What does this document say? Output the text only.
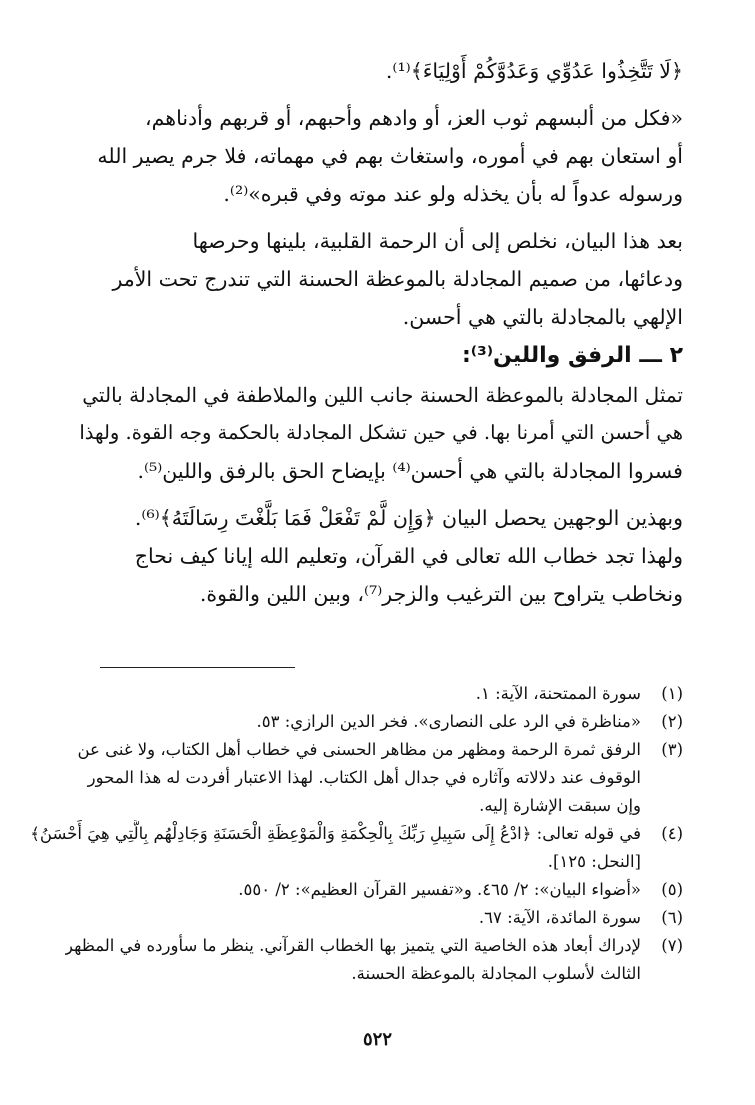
﴿لَا تَتَّخِذُوا عَدُوِّي وَعَدُوَّكُمْ أَوْلِيَاءَ﴾⁽¹⁾.
«فكل من ألبسهم ثوب العز، أو وادهم وأحبهم، أو قربهم وأدناهم،
أو استعان بهم في أموره، واستغاث بهم في مهماته، فلا جرم يصير الله
ورسوله عدواً له بأن يخذله ولو عند موته وفي قبره»⁽²⁾.
بعد هذا البيان، نخلص إلى أن الرحمة القلبية، بلينها وحرصها
ودعائها، من صميم المجادلة بالموعظة الحسنة التي تندرج تحت الأمر
الإلهي بالمجادلة بالتي هي أحسن.
٢ ـــ الرفق واللين⁽³⁾:
تمثل المجادلة بالموعظة الحسنة جانب اللين والملاطفة في المجادلة بالتي
هي أحسن التي أمرنا بها. في حين تشكل المجادلة بالحكمة وجه القوة. ولهذا
فسروا المجادلة بالتي هي أحسن⁽⁴⁾ بإيضاح الحق بالرفق واللين⁽⁵⁾.
وبهذين الوجهين يحصل البيان ﴿وَإِن لَّمْ تَفْعَلْ فَمَا بَلَّغْتَ رِسَالَتَهُ﴾⁽⁶⁾.
ولهذا تجد خطاب الله تعالى في القرآن، وتعليم الله إيانا كيف نحاج
ونخاطب يتراوح بين الترغيب والزجر⁽⁷⁾، وبين اللين والقوة.
(١)
سورة الممتحنة، الآية: ١.
(٢)
«مناظرة في الرد على النصارى». فخر الدين الرازي: ٥٣.
(٣)
الرفق ثمرة الرحمة ومظهر من مظاهر الحسنى في خطاب أهل الكتاب، ولا غنى عن
الوقوف عند دلالاته وآثاره في جدال أهل الكتاب. لهذا الاعتبار أفردت له هذا المحور
وإن سبقت الإشارة إليه.
(٤)
في قوله تعالى: ﴿ادْعُ إِلَى سَبِيلِ رَبِّكَ بِالْحِكْمَةِ وَالْمَوْعِظَةِ الْحَسَنَةِ وَجَادِلْهُم بِالَّتِي هِيَ أَحْسَنُ﴾
[النحل: ١٢٥].
(٥)
«أضواء البيان»: ٢/ ٤٦٥. و«تفسير القرآن العظيم»: ٢/ ٥٥٠.
(٦)
سورة المائدة، الآية: ٦٧.
(٧)
لإدراك أبعاد هذه الخاصية التي يتميز بها الخطاب القرآني. ينظر ما سأورده في المظهر
الثالث لأسلوب المجادلة بالموعظة الحسنة.
٥٢٢
